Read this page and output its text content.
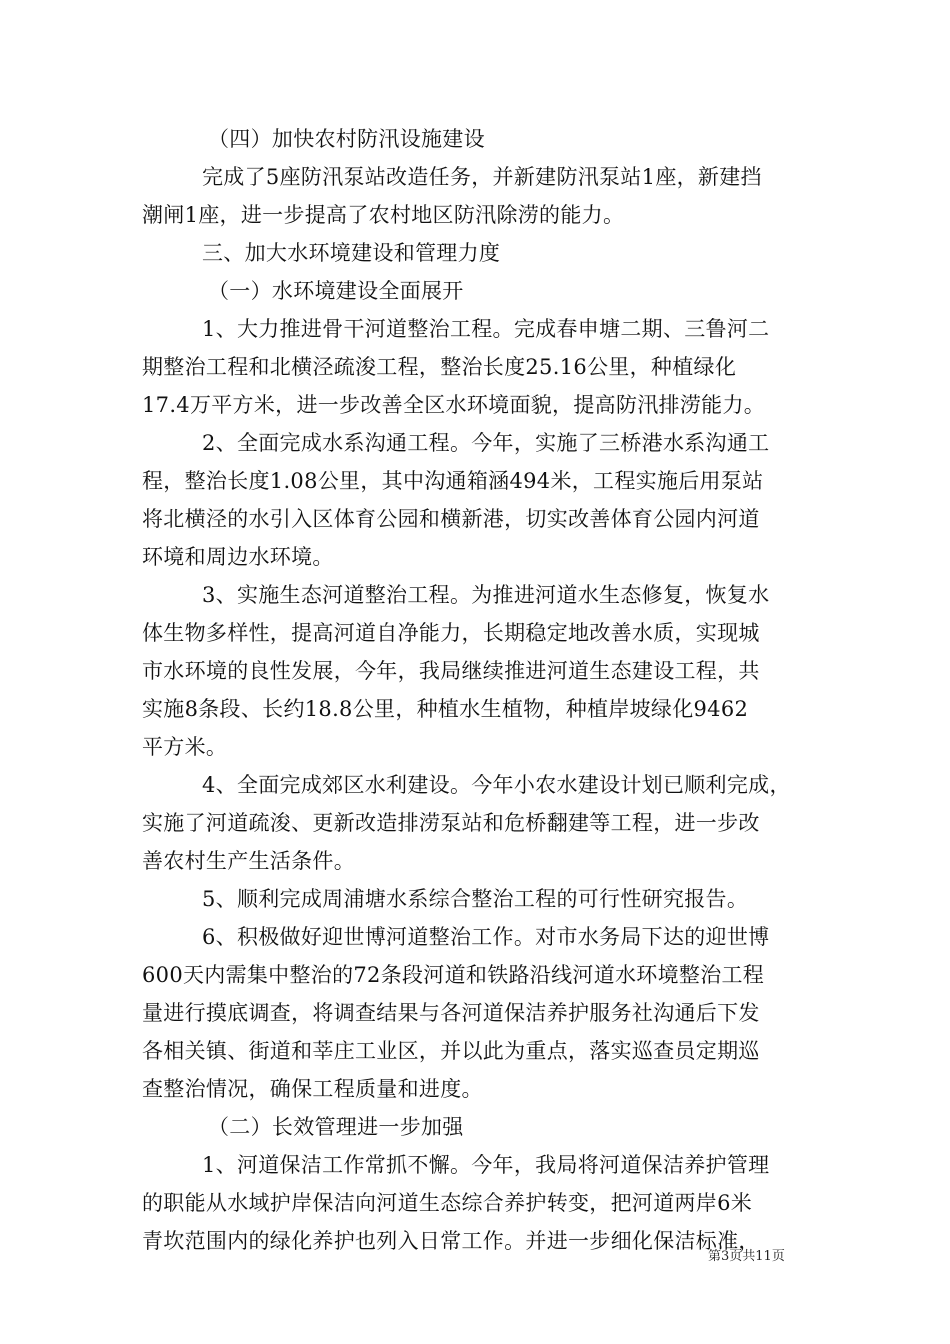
（四）加快农村防汛设施建设
完成了5座防汛泵站改造任务，并新建防汛泵站1座，新建挡
潮闸1座，进一步提高了农村地区防汛除涝的能力。
三、加大水环境建设和管理力度
（一）水环境建设全面展开
1、大力推进骨干河道整治工程。完成春申塘二期、三鲁河二
期整治工程和北横泾疏浚工程，整治长度25.16公里，种植绿化
17.4万平方米，进一步改善全区水环境面貌，提高防汛排涝能力。
2、全面完成水系沟通工程。今年，实施了三桥港水系沟通工
程，整治长度1.08公里，其中沟通箱涵494米，工程实施后用泵站
将北横泾的水引入区体育公园和横新港，切实改善体育公园内河道
环境和周边水环境。
3、实施生态河道整治工程。为推进河道水生态修复，恢复水
体生物多样性，提高河道自净能力，长期稳定地改善水质，实现城
市水环境的良性发展，今年，我局继续推进河道生态建设工程，共
实施8条段、长约18.8公里，种植水生植物，种植岸坡绿化9462
平方米。
4、全面完成郊区水利建设。今年小农水建设计划已顺利完成，
实施了河道疏浚、更新改造排涝泵站和危桥翻建等工程，进一步改
善农村生产生活条件。
5、顺利完成周浦塘水系综合整治工程的可行性研究报告。
6、积极做好迎世博河道整治工作。对市水务局下达的迎世博
600天内需集中整治的72条段河道和铁路沿线河道水环境整治工程
量进行摸底调查，将调查结果与各河道保洁养护服务社沟通后下发
各相关镇、街道和莘庄工业区，并以此为重点，落实巡查员定期巡
查整治情况，确保工程质量和进度。
（二）长效管理进一步加强
1、河道保洁工作常抓不懈。今年，我局将河道保洁养护管理
的职能从水域护岸保洁向河道生态综合养护转变，把河道两岸6米
青坎范围内的绿化养护也列入日常工作。并进一步细化保洁标准，
第3页共11页
